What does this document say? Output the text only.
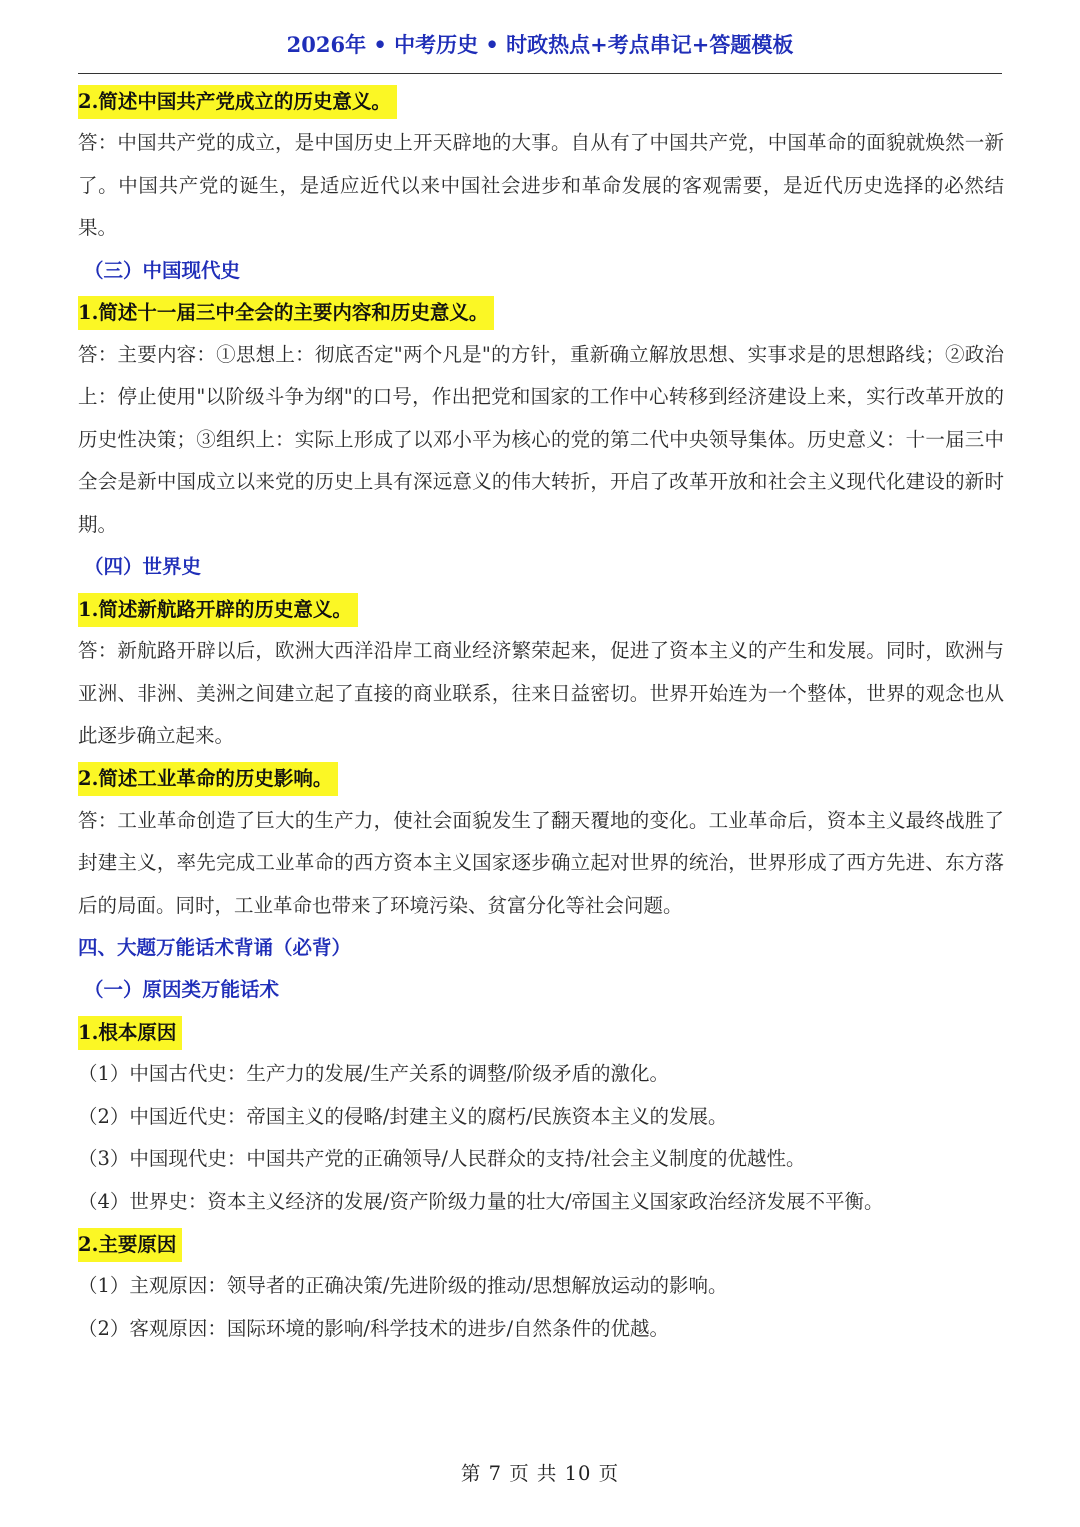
2026年 • 中考历史 • 时政热点+考点串记+答题模板
2.简述中国共产党成立的历史意义。

答：中国共产党的成立，是中国历史上开天辟地的大事。自从有了中国共产党，中国革命的面貌就焕然一新了。中国共产党的诞生，是适应近代以来中国社会进步和革命发展的客观需要，是近代历史选择的必然结果。

（三）中国现代史
1.简述十一届三中全会的主要内容和历史意义。

答：主要内容：①思想上：彻底否定"两个凡是"的方针，重新确立解放思想、实事求是的思想路线；②政治上：停止使用"以阶级斗争为纲"的口号，作出把党和国家的工作中心转移到经济建设上来，实行改革开放的历史性决策；③组织上：实际上形成了以邓小平为核心的党的第二代中央领导集体。历史意义：十一届三中全会是新中国成立以来党的历史上具有深远意义的伟大转折，开启了改革开放和社会主义现代化建设的新时期。

（四）世界史
1.简述新航路开辟的历史意义。

答：新航路开辟以后，欧洲大西洋沿岸工商业经济繁荣起来，促进了资本主义的产生和发展。同时，欧洲与亚洲、非洲、美洲之间建立起了直接的商业联系，往来日益密切。世界开始连为一个整体，世界的观念也从此逐步确立起来。

2.简述工业革命的历史影响。

答：工业革命创造了巨大的生产力，使社会面貌发生了翻天覆地的变化。工业革命后，资本主义最终战胜了封建主义，率先完成工业革命的西方资本主义国家逐步确立起对世界的统治，世界形成了西方先进、东方落后的局面。同时，工业革命也带来了环境污染、贫富分化等社会问题。

四、大题万能话术背诵（必背）
（一）原因类万能话术
1.根本原因
（1）中国古代史：生产力的发展/生产关系的调整/阶级矛盾的激化。
（2）中国近代史：帝国主义的侵略/封建主义的腐朽/民族资本主义的发展。
（3）中国现代史：中国共产党的正确领导/人民群众的支持/社会主义制度的优越性。
（4）世界史：资本主义经济的发展/资产阶级力量的壮大/帝国主义国家政治经济发展不平衡。
2.主要原因
（1）主观原因：领导者的正确决策/先进阶级的推动/思想解放运动的影响。
（2）客观原因：国际环境的影响/科学技术的进步/自然条件的优越。
第 7 页 共 10 页
